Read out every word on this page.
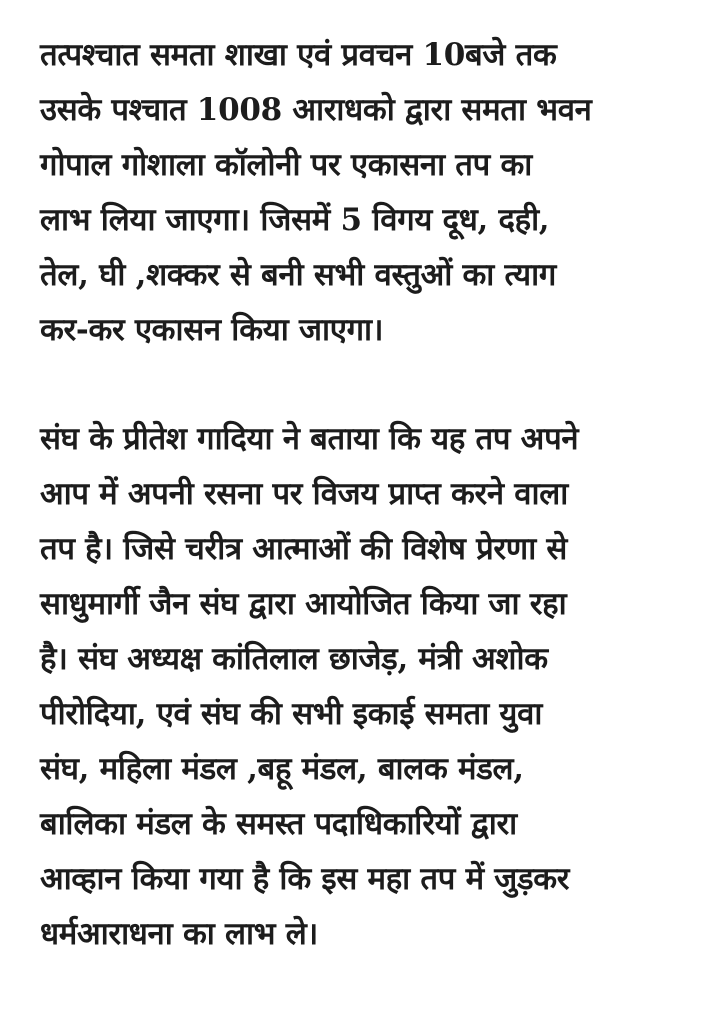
तत्पश्चात समता शाखा एवं प्रवचन 10बजे तक
उसके पश्चात 1008 आराधको द्वारा समता भवन
गोपाल गोशाला कॉलोनी पर एकासना तप का
लाभ लिया जाएगा। जिसमें 5 विगय दूध, दही,
तेल, घी ,शक्कर से बनी सभी वस्तुओं का त्याग
कर-कर एकासन किया जाएगा।
संघ के प्रीतेश गादिया ने बताया कि यह तप अपने
आप में अपनी रसना पर विजय प्राप्त करने वाला
तप है। जिसे चरीत्र आत्माओं की विशेष प्रेरणा से
साधुमार्गी जैन संघ द्वारा आयोजित किया जा रहा
है। संघ अध्यक्ष कांतिलाल छाजेड़, मंत्री अशोक
पीरोदिया, एवं संघ की सभी इकाई समता युवा
संघ, महिला मंडल ,बहू मंडल, बालक मंडल,
बालिका मंडल के समस्त पदाधिकारियों द्वारा
आव्हान किया गया है कि इस महा तप में जुड़कर
धर्मआराधना का लाभ ले।
